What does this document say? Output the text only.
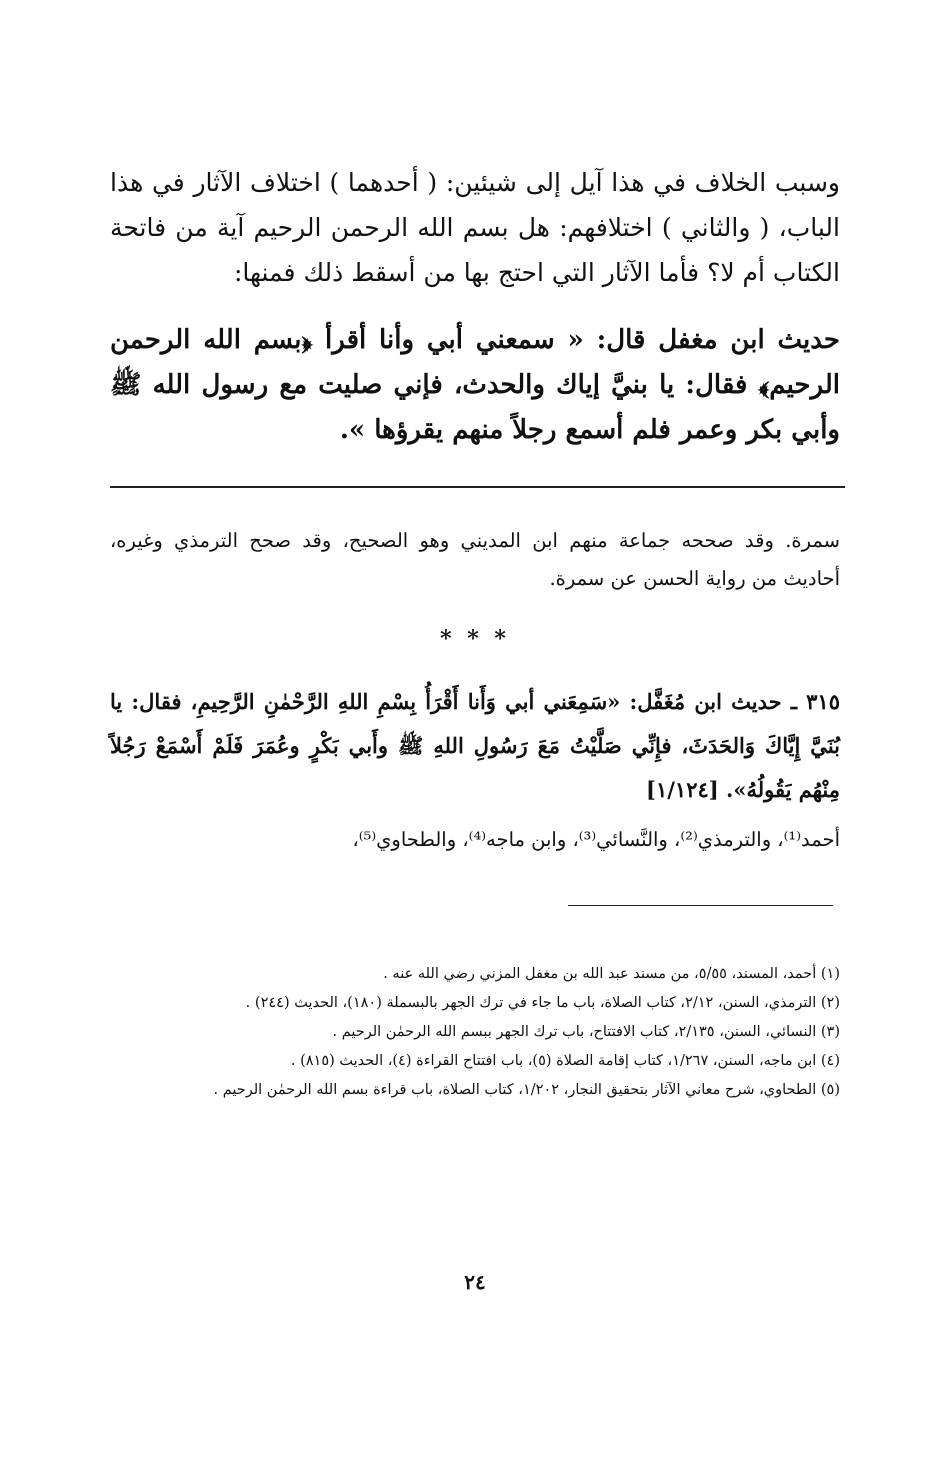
وسبب الخلاف في هذا آيل إلى شيئين: ( أحدهما ) اختلاف الآثار في هذا الباب، ( والثاني ) اختلافهم: هل بسم الله الرحمن الرحيم آية من فاتحة الكتاب أم لا؟ فأما الآثار التي احتج بها من أسقط ذلك فمنها:

حديث ابن مغفل قال: « سمعني أبي وأنا أقرأ ﴿بسم الله الرحمن الرحيم﴾ فقال: يا بنيَّ إياك والحدث، فإني صليت مع رسول الله ﷺ وأبي بكر وعمر فلم أسمع رجلاً منهم يقرؤها ».

سمرة. وقد صححه جماعة منهم ابن المديني وهو الصحيح، وقد صحح الترمذي وغيره، أحاديث من رواية الحسن عن سمرة.

* * *

٣١٥ ـ حديث ابن مُغَفَّل: «سَمِعَني أبي وَأَنا أَقْرَأُ بِسْمِ اللهِ الرَّحْمٰنِ الرَّحِيمِ، فقال: يا بُنَيَّ إِيَّاكَ وَالحَدَثَ، فإِنِّي صَلَّيْتُ مَعَ رَسُولِ اللهِ ﷺ وأَبي بَكْرٍ وعُمَرَ فَلَمْ أَسْمَعْ رَجُلاً مِنْهُم يَقُولُهُ». [١/١٢٤]

أحمد⁽¹⁾، والترمذي⁽²⁾، والنَّسائي⁽³⁾، وابن ماجه⁽⁴⁾، والطحاوي⁽⁵⁾،

(١) أحمد، المسند، ٥/٥٥، من مسند عبد الله بن مغفل المزني رضي الله عنه .
(٢) الترمذي، السنن، ٢/١٢، كتاب الصلاة، باب ما جاء في ترك الجهر بالبسملة (١٨٠)، الحديث (٢٤٤) .
(٣) النسائي، السنن، ٢/١٣٥، كتاب الافتتاح، باب ترك الجهر ببسم الله الرحمٰن الرحيم .
(٤) ابن ماجه، السنن، ١/٢٦٧، كتاب إقامة الصلاة (٥)، باب افتتاح القراءة (٤)، الحديث (٨١٥) .
(٥) الطحاوي، شرح معاني الآثار بتحقيق النجار، ١/٢٠٢، كتاب الصلاة، باب قراءة بسم الله الرحمٰن الرحيم .
٢٤
